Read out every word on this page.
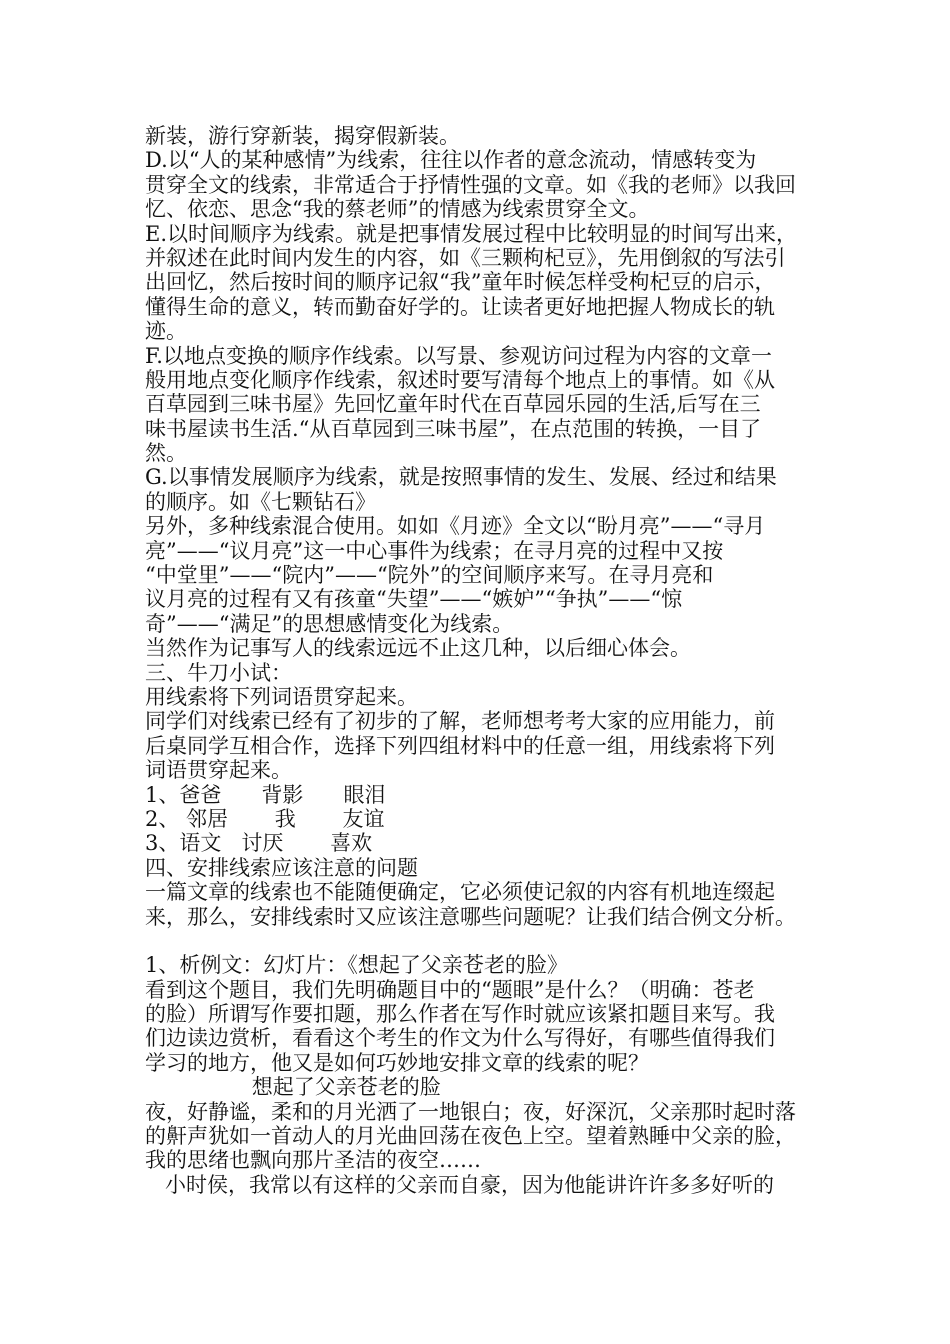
新装，游行穿新装，揭穿假新装。
D.以“人的某种感情”为线索，往往以作者的意念流动，情感转变为
贯穿全文的线索，非常适合于抒情性强的文章。如《我的老师》以我回
忆、依恋、思念“我的蔡老师”的情感为线索贯穿全文。
E.以时间顺序为线索。就是把事情发展过程中比较明显的时间写出来，
并叙述在此时间内发生的内容，如《三颗枸杞豆》，先用倒叙的写法引
出回忆，然后按时间的顺序记叙“我”童年时候怎样受枸杞豆的启示，
懂得生命的意义，转而勤奋好学的。让读者更好地把握人物成长的轨
迹。
F.以地点变换的顺序作线索。以写景、参观访问过程为内容的文章一
般用地点变化顺序作线索，叙述时要写清每个地点上的事情。如《从
百草园到三味书屋》先回忆童年时代在百草园乐园的生活,后写在三
味书屋读书生活.“从百草园到三味书屋”，在点范围的转换，一目了
然。
G.以事情发展顺序为线索，就是按照事情的发生、发展、经过和结果
的顺序。如《七颗钻石》
另外，多种线索混合使用。如如《月迹》全文以“盼月亮”——“寻月
亮”——“议月亮”这一中心事件为线索；在寻月亮的过程中又按
“中堂里”——“院内”——“院外”的空间顺序来写。在寻月亮和
议月亮的过程有又有孩童“失望”——“嫉妒”“争执”——“惊
奇”——“满足”的思想感情变化为线索。
当然作为记事写人的线索远远不止这几种，以后细心体会。
三、牛刀小试：
用线索将下列词语贯穿起来。
同学们对线索已经有了初步的了解，老师想考考大家的应用能力，前
后桌同学互相合作，选择下列四组材料中的任意一组，用线索将下列
词语贯穿起来。
1、爸爸      背影      眼泪
2、 邻居       我       友谊
3、语文   讨厌       喜欢
四、安排线索应该注意的问题
一篇文章的线索也不能随便确定，它必须使记叙的内容有机地连缀起
来，那么，安排线索时又应该注意哪些问题呢？让我们结合例文分析。
1、析例文：幻灯片：《想起了父亲苍老的脸》
看到这个题目，我们先明确题目中的“题眼”是什么？（明确：苍老
的脸）所谓写作要扣题，那么作者在写作时就应该紧扣题目来写。我
们边读边赏析，看看这个考生的作文为什么写得好，有哪些值得我们
学习的地方，他又是如何巧妙地安排文章的线索的呢？
想起了父亲苍老的脸
夜，好静谧，柔和的月光洒了一地银白；夜，好深沉，父亲那时起时落
的鼾声犹如一首动人的月光曲回荡在夜色上空。望着熟睡中父亲的脸，
我的思绪也飘向那片圣洁的夜空……
小时侯，我常以有这样的父亲而自豪，因为他能讲许许多多好听的
